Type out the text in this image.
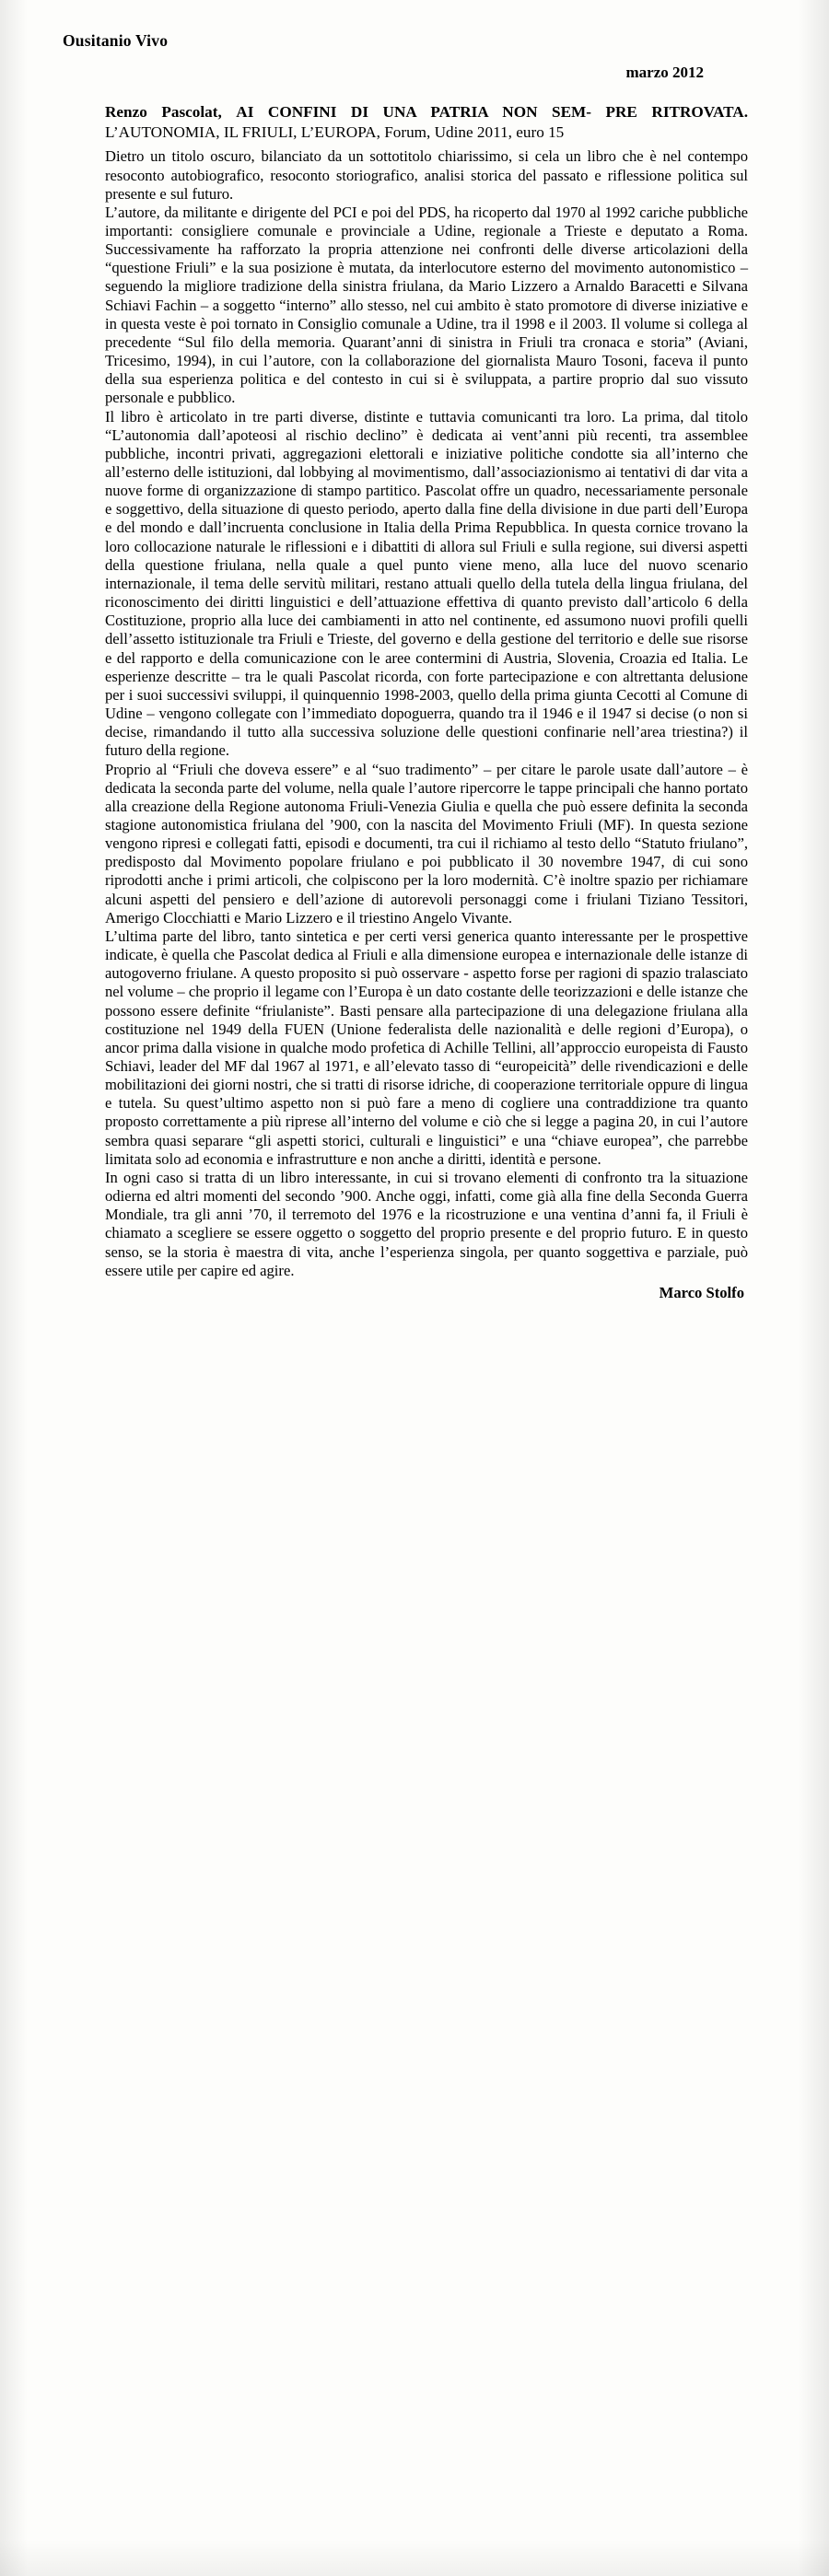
Ousitanio Vivo
marzo 2012
Renzo Pascolat, AI CONFINI DI UNA PATRIA NON SEM- PRE RITROVATA. L’AUTONOMIA, IL FRIULI, L’EUROPA, Forum, Udine 2011, euro 15

Dietro un titolo oscuro, bilanciato da un sottotitolo chiarissimo, si cela un libro che è nel contempo resoconto autobiografico, resoconto storiografico, analisi storica del passato e riflessione politica sul presente e sul futuro.

L’autore, da militante e dirigente del PCI e poi del PDS, ha ricoperto dal 1970 al 1992 cariche pubbliche importanti: consigliere comunale e provinciale a Udine, regionale a Trieste e deputato a Roma. Successivamente ha rafforzato la propria attenzione nei confronti delle diverse articolazioni della “questione Friuli” e la sua posizione è mutata, da interlocutore esterno del movimento autonomistico – seguendo la migliore tradizione della sinistra friulana, da Mario Lizzero a Arnaldo Baracetti e Silvana Schiavi Fachin – a soggetto “interno” allo stesso, nel cui ambito è stato promotore di diverse iniziative e in questa veste è poi tornato in Consiglio comunale a Udine, tra il 1998 e il 2003. Il volume si collega al precedente “Sul filo della memoria. Quarant’anni di sinistra in Friuli tra cronaca e storia” (Aviani, Tricesimo, 1994), in cui l’autore, con la collaborazione del giornalista Mauro Tosoni, faceva il punto della sua esperienza politica e del contesto in cui si è sviluppata, a partire proprio dal suo vissuto personale e pubblico.

Il libro è articolato in tre parti diverse, distinte e tuttavia comunicanti tra loro. La prima, dal titolo “L’autonomia dall’apoteosi al rischio declino” è dedicata ai vent’anni più recenti, tra assemblee pubbliche, incontri privati, aggregazioni elettorali e iniziative politiche condotte sia all’interno che all’esterno delle istituzioni, dal lobbying al movimentismo, dall’associazionismo ai tentativi di dar vita a nuove forme di organizzazione di stampo partitico. Pascolat offre un quadro, necessariamente personale e soggettivo, della situazione di questo periodo, aperto dalla fine della divisione in due parti dell’Europa e del mondo e dall’incruenta conclusione in Italia della Prima Repubblica. In questa cornice trovano la loro collocazione naturale le riflessioni e i dibattiti di allora sul Friuli e sulla regione, sui diversi aspetti della questione friulana, nella quale a quel punto viene meno, alla luce del nuovo scenario internazionale, il tema delle servitù militari, restano attuali quello della tutela della lingua friulana, del riconoscimento dei diritti linguistici e dell’attuazione effettiva di quanto previsto dall’articolo 6 della Costituzione, proprio alla luce dei cambiamenti in atto nel continente, ed assumono nuovi profili quelli dell’assetto istituzionale tra Friuli e Trieste, del governo e della gestione del territorio e delle sue risorse e del rapporto e della comunicazione con le aree contermini di Austria, Slovenia, Croazia ed Italia. Le esperienze descritte – tra le quali Pascolat ricorda, con forte partecipazione e con altrettanta delusione per i suoi successivi sviluppi, il quinquennio 1998-2003, quello della prima giunta Cecotti al Comune di Udine – vengono collegate con l’immediato dopoguerra, quando tra il 1946 e il 1947 si decise (o non si decise, rimandando il tutto alla successiva soluzione delle questioni confinarie nell’area triestina?) il futuro della regione.

Proprio al “Friuli che doveva essere” e al “suo tradimento” – per citare le parole usate dall’autore – è dedicata la seconda parte del volume, nella quale l’autore ripercorre le tappe principali che hanno portato alla creazione della Regione autonoma Friuli-Venezia Giulia e quella che può essere definita la seconda stagione autonomistica friulana del ’900, con la nascita del Movimento Friuli (MF). In questa sezione vengono ripresi e collegati fatti, episodi e documenti, tra cui il richiamo al testo dello “Statuto friulano”, predisposto dal Movimento popolare friulano e poi pubblicato il 30 novembre 1947, di cui sono riprodotti anche i primi articoli, che colpiscono per la loro modernità. C’è inoltre spazio per richiamare alcuni aspetti del pensiero e dell’azione di autorevoli personaggi come i friulani Tiziano Tessitori, Amerigo Clocchiatti e Mario Lizzero e il triestino Angelo Vivante.

L’ultima parte del libro, tanto sintetica e per certi versi generica quanto interessante per le prospettive indicate, è quella che Pascolat dedica al Friuli e alla dimensione europea e internazionale delle istanze di autogoverno friulane. A questo proposito si può osservare - aspetto forse per ragioni di spazio tralasciato nel volume – che proprio il legame con l’Europa è un dato costante delle teorizzazioni e delle istanze che possono essere definite “friulaniste”. Basti pensare alla partecipazione di una delegazione friulana alla costituzione nel 1949 della FUEN (Unione federalista delle nazionalità e delle regioni d’Europa), o ancor prima dalla visione in qualche modo profetica di Achille Tellini, all’approccio europeista di Fausto Schiavi, leader del MF dal 1967 al 1971, e all’elevato tasso di “europeicità” delle rivendicazioni e delle mobilitazioni dei giorni nostri, che si tratti di risorse idriche, di cooperazione territoriale oppure di lingua e tutela. Su quest’ultimo aspetto non si può fare a meno di cogliere una contraddizione tra quanto proposto correttamente a più riprese all’interno del volume e ciò che si legge a pagina 20, in cui l’autore sembra quasi separare “gli aspetti storici, culturali e linguistici” e una “chiave europea”, che parrebbe limitata solo ad economia e infrastrutture e non anche a diritti, identità e persone.

In ogni caso si tratta di un libro interessante, in cui si trovano elementi di confronto tra la situazione odierna ed altri momenti del secondo ’900. Anche oggi, infatti, come già alla fine della Seconda Guerra Mondiale, tra gli anni ’70, il terremoto del 1976 e la ricostruzione e una ventina d’anni fa, il Friuli è chiamato a scegliere se essere oggetto o soggetto del proprio presente e del proprio futuro. E in questo senso, se la storia è maestra di vita, anche l’esperienza singola, per quanto soggettiva e parziale, può essere utile per capire ed agire.

Marco Stolfo
